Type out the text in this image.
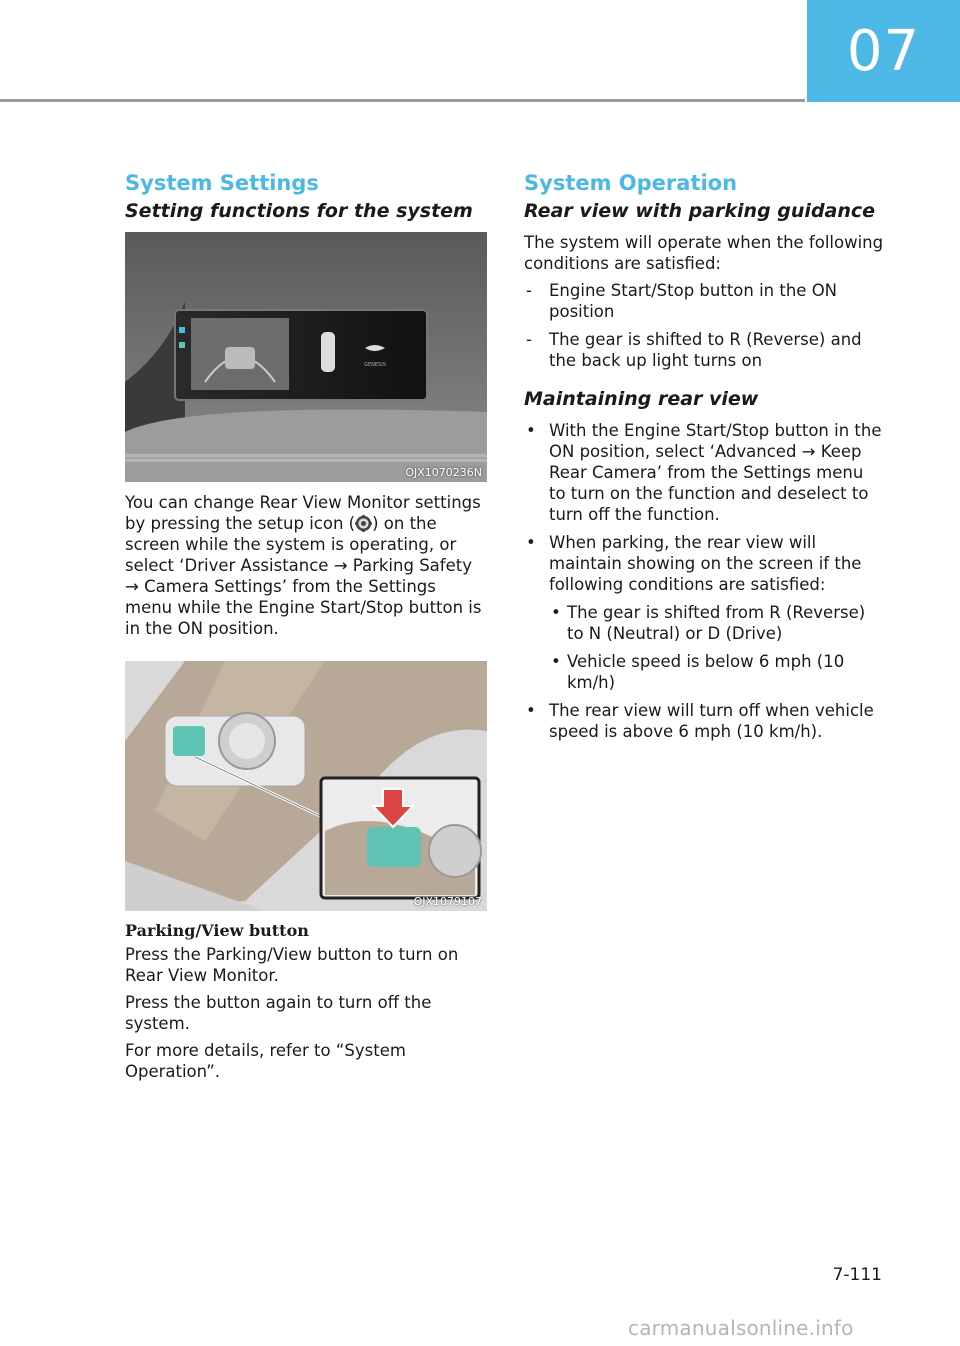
07
System Settings
Setting functions for the system
GENESIS
OJX1070236N

You can change Rear View Monitor settings by pressing the setup icon ( ) on the screen while the system is operating, or select ‘Driver Assistance → Parking Safety → Camera Settings’ from the Settings menu while the Engine Start/Stop button is in the ON position.

OJX1079107
Parking/View button

Press the Parking/View button to turn on Rear View Monitor.

Press the button again to turn off the system.

For more details, refer to “System Operation”.

System Operation
Rear view with parking guidance

The system will operate when the following conditions are satisfied:

- Engine Start/Stop button in the ON position
- The gear is shifted to R (Reverse) and the back up light turns on
Maintaining rear view
• With the Engine Start/Stop button in the ON position, select ‘Advanced → Keep Rear Camera’ from the Settings menu to turn on the function and deselect to turn off the function.
• When parking, the rear view will maintain showing on the screen if the following conditions are satisfied:
• The gear is shifted from R (Reverse) to N (Neutral) or D (Drive)
• Vehicle speed is below 6 mph (10 km/h)
• The rear view will turn off when vehicle speed is above 6 mph (10 km/h).
7-111
carmanualsonline.info
